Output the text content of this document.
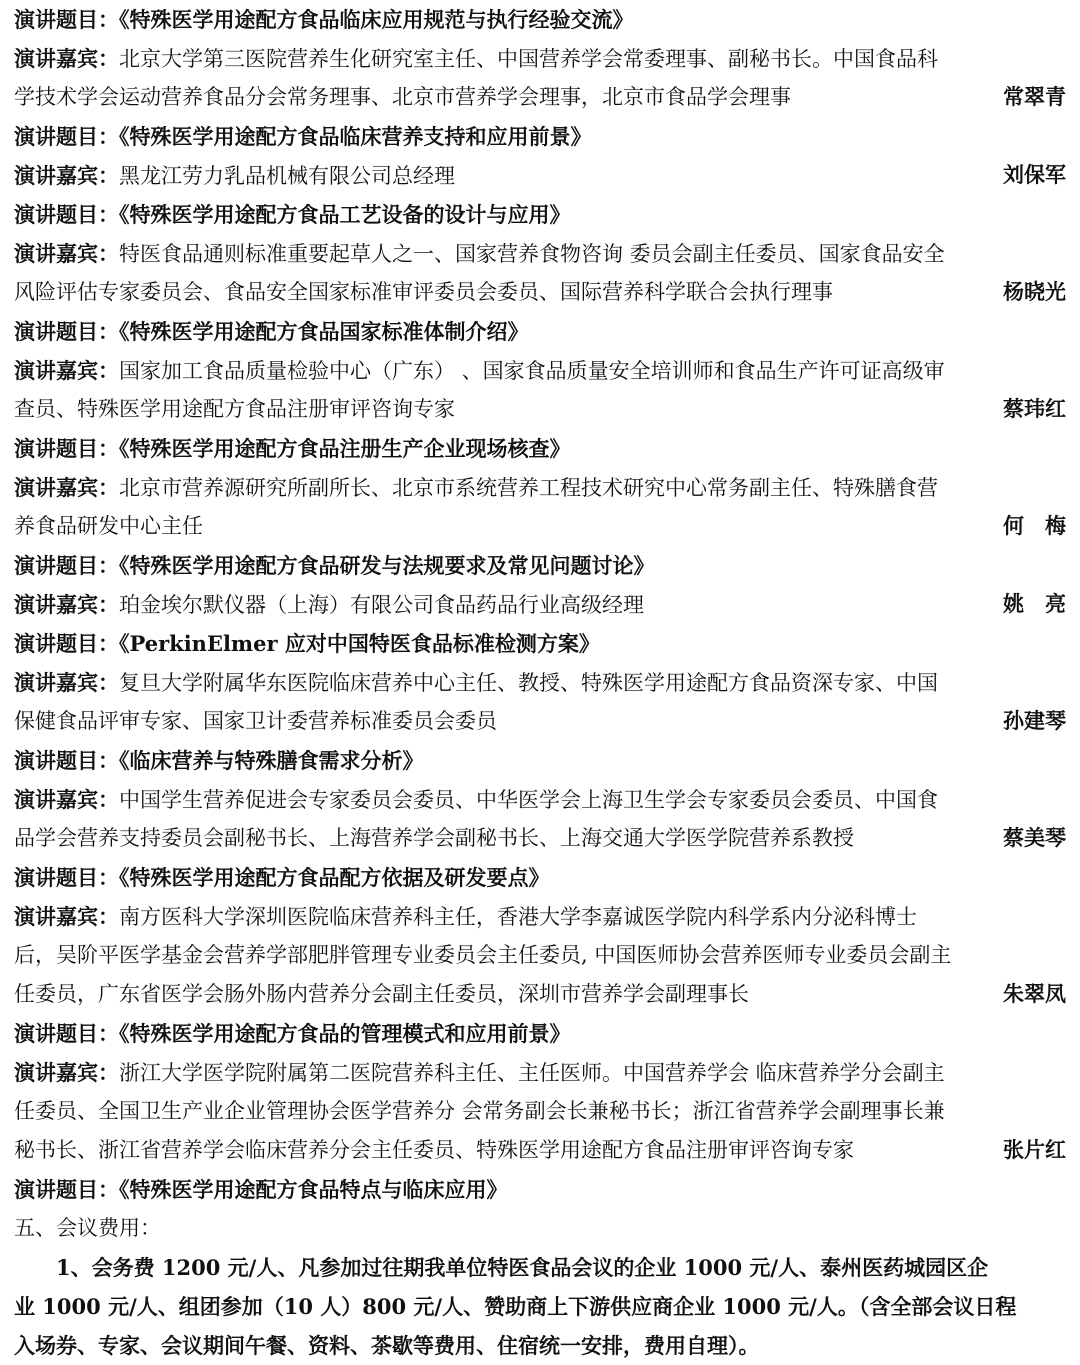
演讲题目：《特殊医学用途配方食品临床应用规范与执行经验交流》
演讲嘉宾：北京大学第三医院营养生化研究室主任、中国营养学会常委理事、副秘书长。中国食品科
学技术学会运动营养食品分会常务理事、北京市营养学会理事，北京市食品学会理事	常翠青
演讲题目：《特殊医学用途配方食品临床营养支持和应用前景》
演讲嘉宾：黑龙江劳力乳品机械有限公司总经理	刘保军
演讲题目：《特殊医学用途配方食品工艺设备的设计与应用》
演讲嘉宾：特医食品通则标准重要起草人之一、国家营养食物咨询 委员会副主任委员、国家食品安全
风险评估专家委员会、食品安全国家标准审评委员会委员、国际营养科学联合会执行理事	杨晓光
演讲题目：《特殊医学用途配方食品国家标准体制介绍》
演讲嘉宾：国家加工食品质量检验中心（广东） 、国家食品质量安全培训师和食品生产许可证高级审
查员、特殊医学用途配方食品注册审评咨询专家	蔡玮红
演讲题目：《特殊医学用途配方食品注册生产企业现场核查》
演讲嘉宾：北京市营养源研究所副所长、北京市系统营养工程技术研究中心常务副主任、特殊膳食营
养食品研发中心主任	何　梅
演讲题目：《特殊医学用途配方食品研发与法规要求及常见问题讨论》
演讲嘉宾：珀金埃尔默仪器（上海）有限公司食品药品行业高级经理	姚　亮
演讲题目：《PerkinElmer 应对中国特医食品标准检测方案》
演讲嘉宾：复旦大学附属华东医院临床营养中心主任、教授、特殊医学用途配方食品资深专家、中国
保健食品评审专家、国家卫计委营养标准委员会委员	孙建琴
演讲题目：《临床营养与特殊膳食需求分析》
演讲嘉宾：中国学生营养促进会专家委员会委员、中华医学会上海卫生学会专家委员会委员、中国食
品学会营养支持委员会副秘书长、上海营养学会副秘书长、上海交通大学医学院营养系教授	蔡美琴
演讲题目：《特殊医学用途配方食品配方依据及研发要点》
演讲嘉宾：南方医科大学深圳医院临床营养科主任，香港大学李嘉诚医学院内科学系内分泌科博士
后，吴阶平医学基金会营养学部肥胖管理专业委员会主任委员, 中国医师协会营养医师专业委员会副主
任委员，广东省医学会肠外肠内营养分会副主任委员，深圳市营养学会副理事长	朱翠凤
演讲题目：《特殊医学用途配方食品的管理模式和应用前景》
演讲嘉宾：浙江大学医学院附属第二医院营养科主任、主任医师。中国营养学会 临床营养学分会副主
任委员、全国卫生产业企业管理协会医学营养分 会常务副会长兼秘书长；浙江省营养学会副理事长兼
秘书长、浙江省营养学会临床营养分会主任委员、特殊医学用途配方食品注册审评咨询专家	张片红
演讲题目：《特殊医学用途配方食品特点与临床应用》
五、会议费用：
　　1、会务费 1200 元/人、凡参加过往期我单位特医食品会议的企业 1000 元/人、泰州医药城园区企
业 1000 元/人、组团参加（10 人）800 元/人、赞助商上下游供应商企业 1000 元/人。（含全部会议日程
入场券、专家、会议期间午餐、资料、茶歇等费用、住宿统一安排，费用自理）。
